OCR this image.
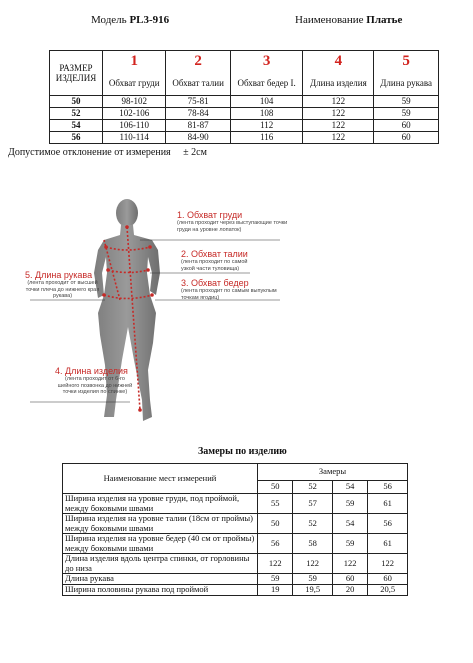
Модель PL3-916	Наименование Платье
РАЗМЕР ИЗДЕЛИЯ	1	2	3	4	5
	Обхват груди	Обхват талии	Обхват бедер I.	Длина изделия	Длина рукава
50	98-102	75-81	104	122	59
52	102-106	78-84	108	122	59
54	106-110	81-87	112	122	60
56	110-114	84-90	116	122	60
Допустимое отклонение от измерения ± 2см
1. Обхват груди
(лента проходит через выступающие точки груди на уровне лопаток)
2. Обхват талии
(лента проходит по самой узкой части туловища)
3. Обхват бедер
(лента проходит по самым выпуклым точкам ягодиц)
5. Длина рукава
(лента проходит от высшей точки плеча до нижнего края рукава)
4. Длина изделия
(лента проходит от 6-го шейного позвонка до нижней точки изделия по спинке)
Замеры по изделию
Наименование мест измерений	Замеры			
	50	52	54	56
Ширина изделия на уровне груди, под проймой, между боковыми швами	55	57	59	61
Ширина изделия на уровне талии (18см от проймы) между боковыми швами	50	52	54	56
Ширина изделия на уровне бедер (40 см от проймы) между боковыми швами	56	58	59	61
Длина изделия вдоль центра спинки, от горловины до низа	122	122	122	122
Длина рукава	59	59	60	60
Ширина половины рукава под проймой	19	19,5	20	20,5
